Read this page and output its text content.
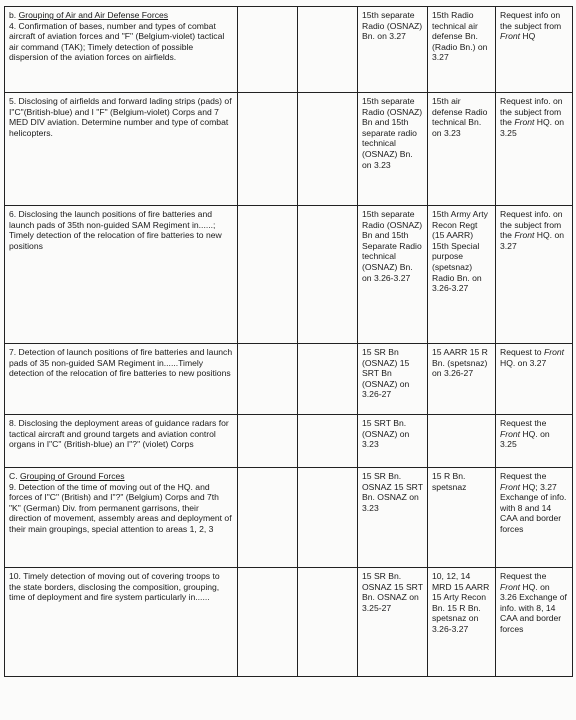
b. Grouping of Air and Air Defense Forces
4. Confirmation of bases, number and types of combat aircraft of aviation forces and "F" (Belgium-violet) tactical air command (TAK); Timely detection of possible dispersion of the aviation forces on airfields.			15th separate Radio (OSNAZ) Bn. on 3.27	15th Radio technical air defense Bn. (Radio Bn.) on 3.27	Request info on the subject from Front HQ
5. Disclosing of airfields and forward lading strips (pads) of I"C"(British-blue) and I "F" (Belgium-violet) Corps and 7 MED DIV aviation. Determine number and type of combat helicopters.			15th separate Radio (OSNAZ) Bn and 15th separate radio technical (OSNAZ) Bn. on 3.23	15th air defense Radio technical Bn. on 3.23	Request info. on the subject from the Front HQ. on 3.25
6. Disclosing the launch positions of fire batteries and launch pads of 35th non-guided SAM Regiment in......; Timely detection of the relocation of fire batteries to new positions			15th separate Radio (OSNAZ) Bn and 15th Separate Radio technical (OSNAZ) Bn. on 3.26-3.27	15th Army Arty Recon Regt (15 AARR) 15th Special purpose (spetsnaz) Radio Bn. on 3.26-3.27	Request info. on the subject from the Front HQ. on 3.27
7. Detection of launch positions of fire batteries and launch pads of 35 non-guided SAM Regiment in......Timely detection of the relocation of fire batteries to new positions			15 SR Bn (OSNAZ) 15 SRT Bn (OSNAZ) on 3.26-27	15 AARR 15 R Bn. (spetsnaz) on 3.26-27	Request to Front HQ. on 3.27
8. Disclosing the deployment areas of guidance radars for tactical aircraft and ground targets and aviation control organs in I"C" (British-blue) an I"?" (violet) Corps			15 SRT Bn. (OSNAZ) on 3.23		Request the Front HQ. on 3.25
C. Grouping of Ground Forces
9. Detection of the time of moving out of the HQ. and forces of I"C" (British) and I"?" (Belgium) Corps and 7th "K" (German) Div. from permanent garrisons, their direction of movement, assembly areas and deployment of their main groupings, special attention to areas 1, 2, 3			15 SR Bn. OSNAZ 15 SRT Bn. OSNAZ on 3.23	15 R Bn. spetsnaz	Request the Front HQ; 3.27 Exchange of info. with 8 and 14 CAA and border forces
10. Timely detection of moving out of covering troops to the state borders, disclosing the composition, grouping, time of deployment and fire system particularly in......			15 SR Bn. OSNAZ 15 SRT Bn. OSNAZ on 3.25-27	10, 12, 14 MRD 15 AARR 15 Arty Recon Bn. 15 R Bn. spetsnaz on 3.26-3.27	Request the Front HQ. on 3.26 Exchange of info. with 8, 14 CAA and border forces
